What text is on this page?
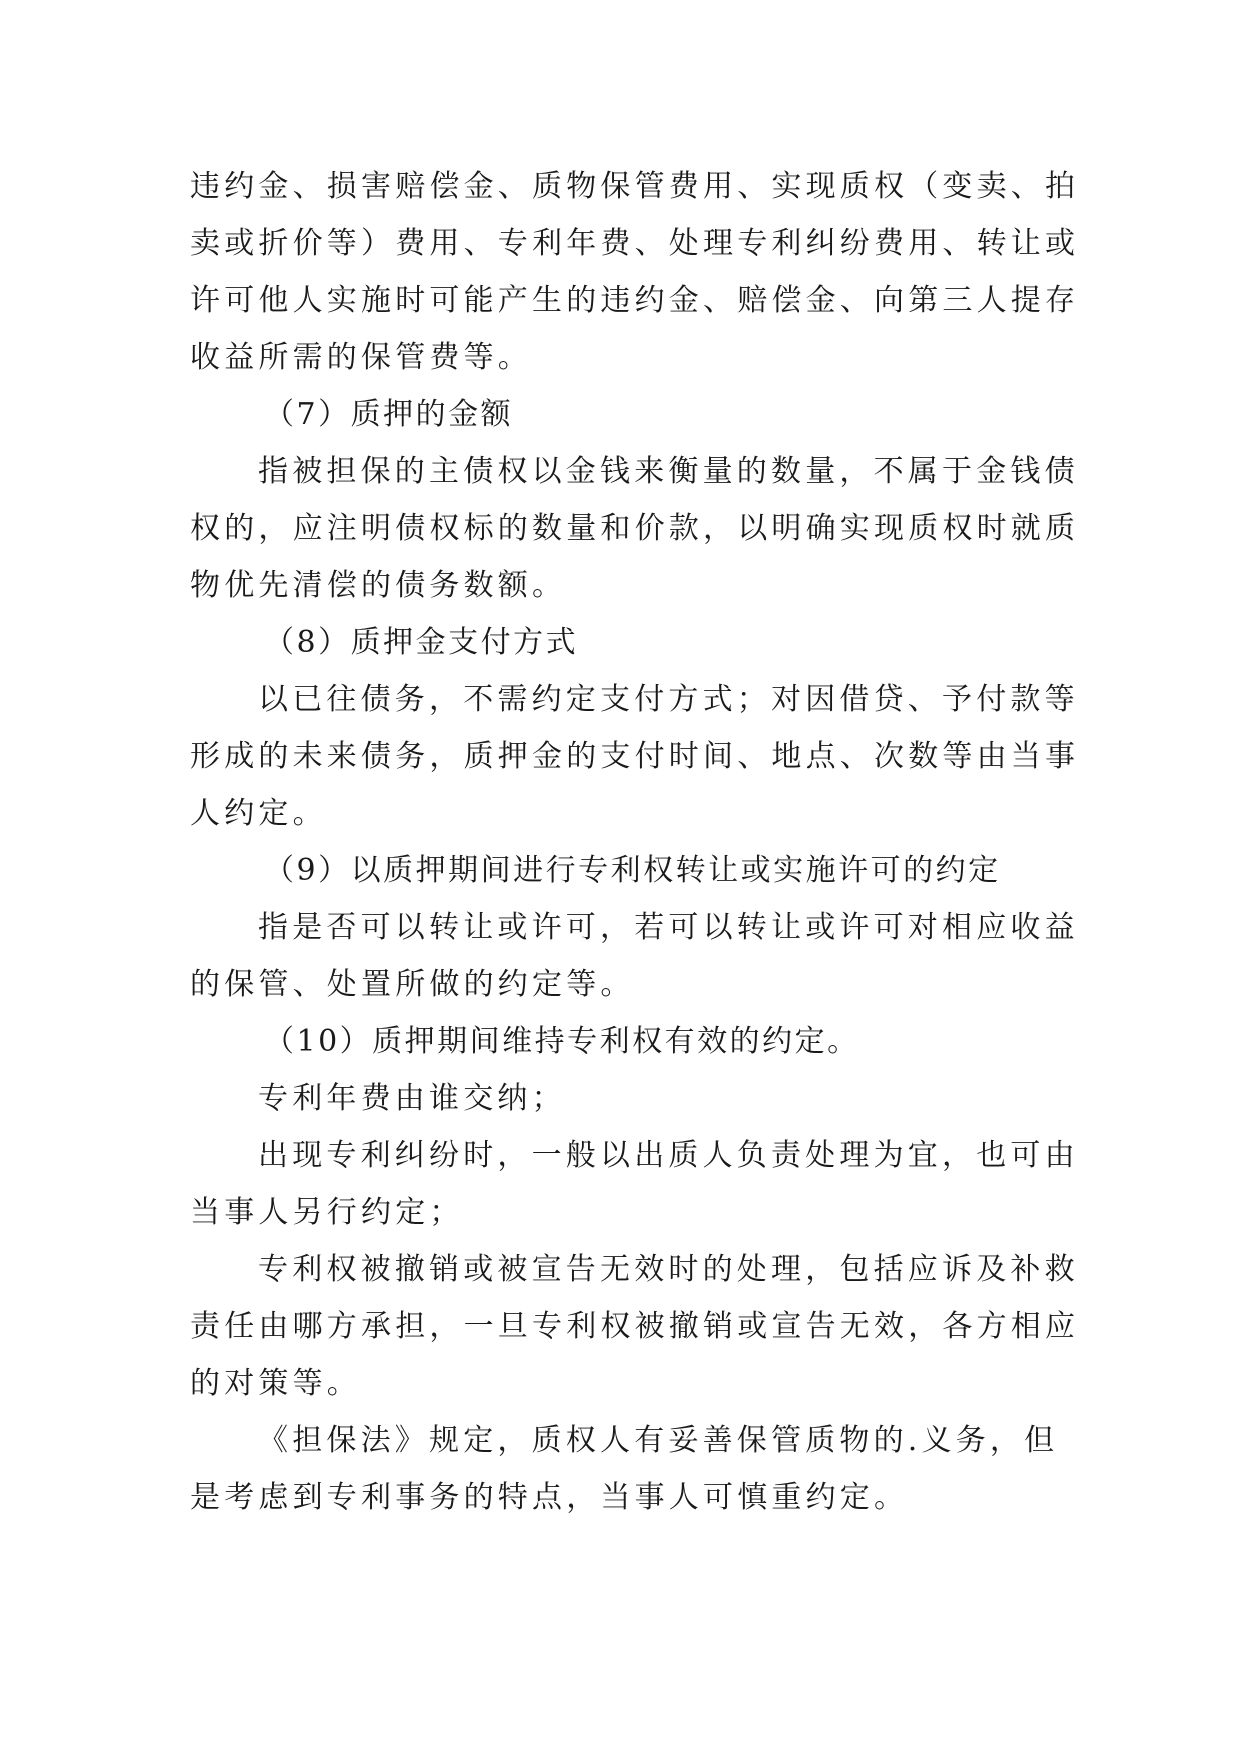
违约金、损害赔偿金、质物保管费用、实现质权（变卖、拍

卖或折价等）费用、专利年费、处理专利纠纷费用、转让或

许可他人实施时可能产生的违约金、赔偿金、向第三人提存

收益所需的保管费等。

（7）质押的金额

指被担保的主债权以金钱来衡量的数量，不属于金钱债

权的，应注明债权标的数量和价款，以明确实现质权时就质

物优先清偿的债务数额。

（8）质押金支付方式

以已往债务，不需约定支付方式；对因借贷、予付款等

形成的未来债务，质押金的支付时间、地点、次数等由当事

人约定。

（9）以质押期间进行专利权转让或实施许可的约定

指是否可以转让或许可，若可以转让或许可对相应收益

的保管、处置所做的约定等。

（10）质押期间维持专利权有效的约定。

专利年费由谁交纳；

出现专利纠纷时，一般以出质人负责处理为宜，也可由

当事人另行约定；

专利权被撤销或被宣告无效时的处理，包括应诉及补救

责任由哪方承担，一旦专利权被撤销或宣告无效，各方相应

的对策等。

《担保法》规定，质权人有妥善保管质物的.义务，但

是考虑到专利事务的特点，当事人可慎重约定。
